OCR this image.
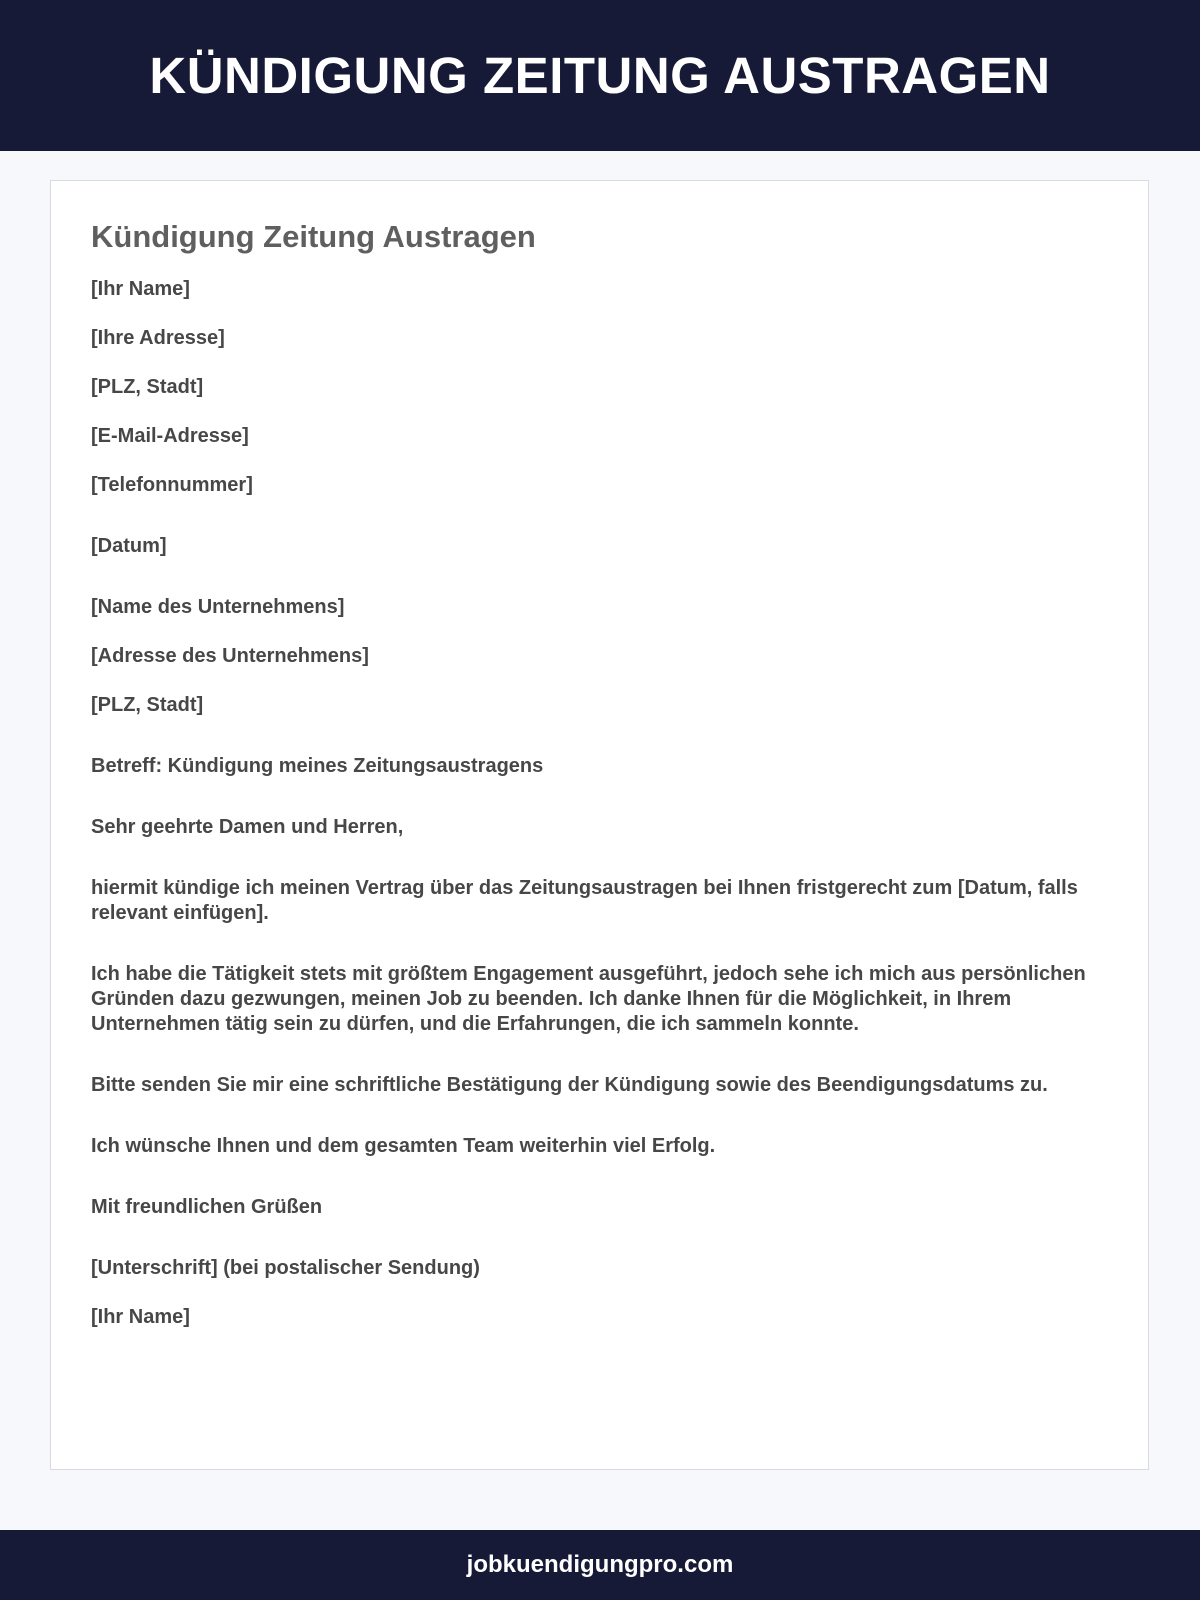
KÜNDIGUNG ZEITUNG AUSTRAGEN
Kündigung Zeitung Austragen

[Ihr Name]

[Ihre Adresse]

[PLZ, Stadt]

[E-Mail-Adresse]

[Telefonnummer]

[Datum]

[Name des Unternehmens]

[Adresse des Unternehmens]

[PLZ, Stadt]

Betreff: Kündigung meines Zeitungsaustragens

Sehr geehrte Damen und Herren,

hiermit kündige ich meinen Vertrag über das Zeitungsaustragen bei Ihnen fristgerecht zum [Datum, falls relevant einfügen].

Ich habe die Tätigkeit stets mit größtem Engagement ausgeführt, jedoch sehe ich mich aus persönlichen Gründen dazu gezwungen, meinen Job zu beenden. Ich danke Ihnen für die Möglichkeit, in Ihrem Unternehmen tätig sein zu dürfen, und die Erfahrungen, die ich sammeln konnte.

Bitte senden Sie mir eine schriftliche Bestätigung der Kündigung sowie des Beendigungsdatums zu.

Ich wünsche Ihnen und dem gesamten Team weiterhin viel Erfolg.

Mit freundlichen Grüßen

[Unterschrift] (bei postalischer Sendung)

[Ihr Name]

jobkuendigungpro.com
